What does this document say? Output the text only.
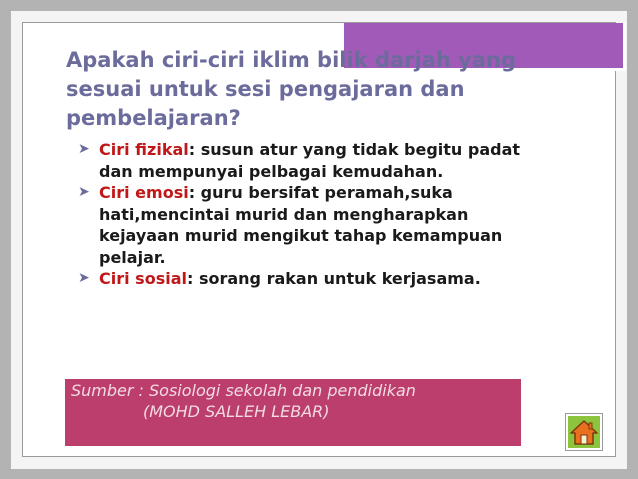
Apakah ciri-ciri iklim bilik darjah yang sesuai untuk sesi pengajaran dan pembelajaran?
➤ Ciri fizikal: susun atur yang tidak begitu padat dan mempunyai pelbagai kemudahan.
➤ Ciri emosi: guru bersifat peramah,suka hati,mencintai murid dan mengharapkan kejayaan murid mengikut tahap kemampuan pelajar.
➤ Ciri sosial: sorang rakan untuk kerjasama.
Sumber : Sosiologi sekolah dan pendidikan
(MOHD SALLEH LEBAR)
